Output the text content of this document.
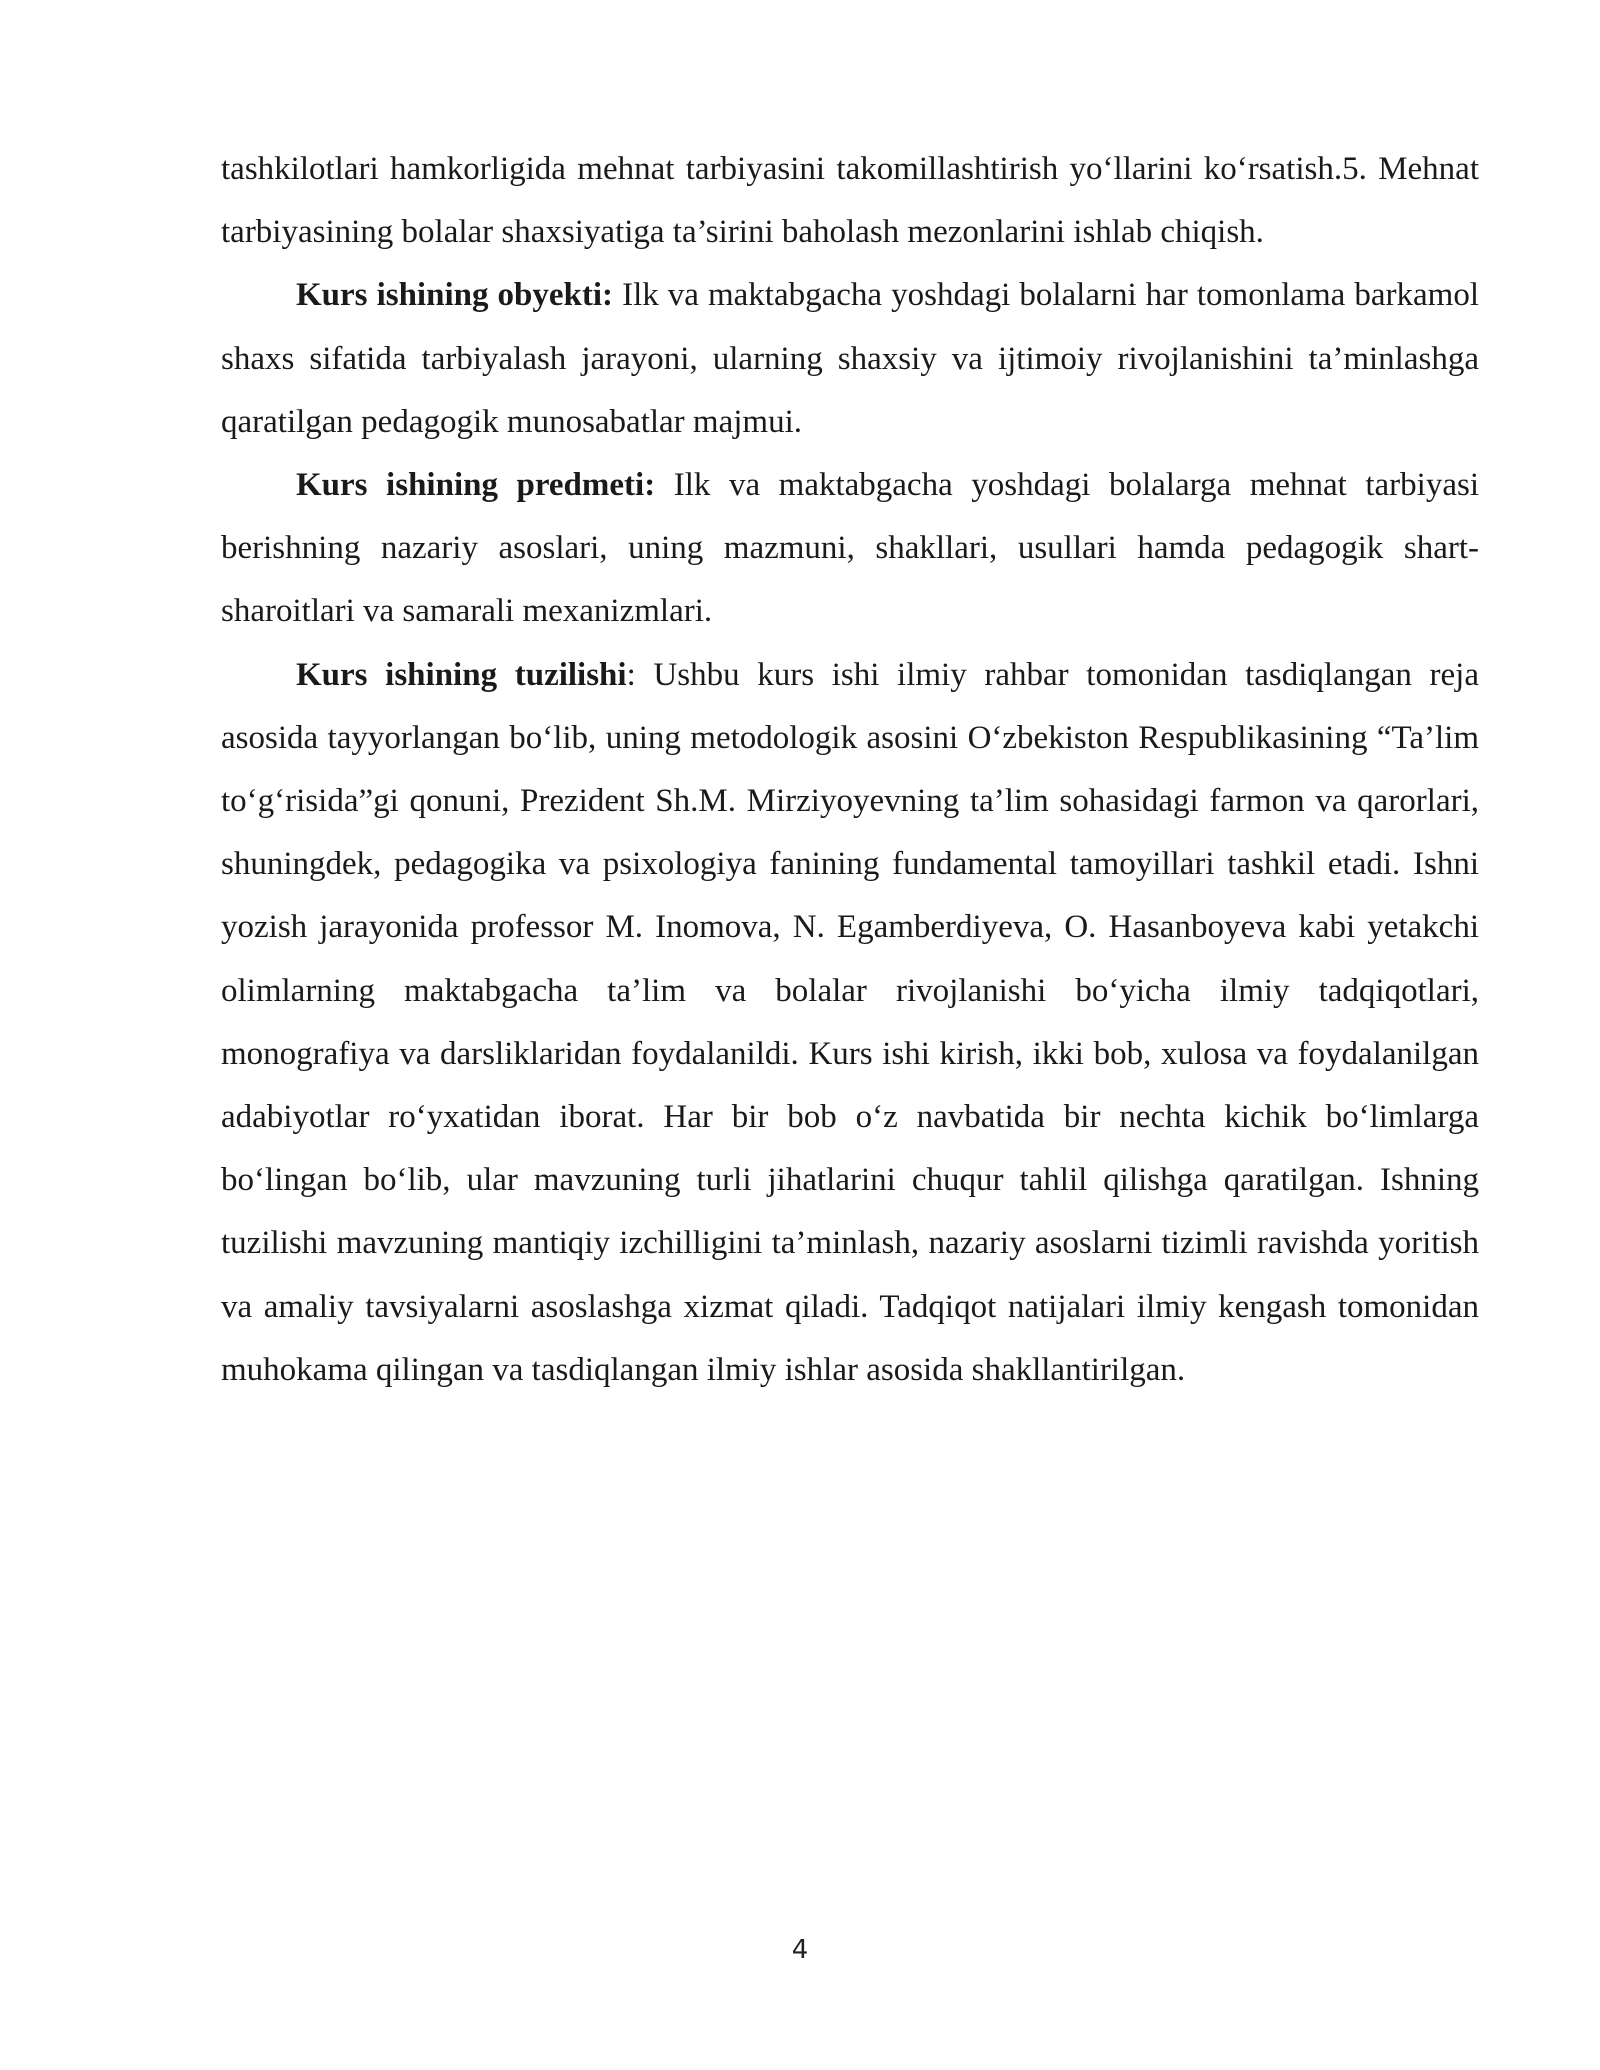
tashkilotlari hamkorligida mehnat tarbiyasini takomillashtirish yo‘llarini ko‘rsatish.5. Mehnat tarbiyasining bolalar shaxsiyatiga ta’sirini baholash mezonlarini ishlab chiqish.

Kurs ishining obyekti: Ilk va maktabgacha yoshdagi bolalarni har tomonlama barkamol shaxs sifatida tarbiyalash jarayoni, ularning shaxsiy va ijtimoiy rivojlanishini ta’minlashga qaratilgan pedagogik munosabatlar majmui.

Kurs ishining predmeti: Ilk va maktabgacha yoshdagi bolalarga mehnat tarbiyasi berishning nazariy asoslari, uning mazmuni, shakllari, usullari hamda pedagogik shart-sharoitlari va samarali mexanizmlari.

Kurs ishining tuzilishi: Ushbu kurs ishi ilmiy rahbar tomonidan tasdiqlangan reja asosida tayyorlangan bo‘lib, uning metodologik asosini O‘zbekiston Respublikasining “Ta’lim to‘g‘risida”gi qonuni, Prezident Sh.M. Mirziyoyevning ta’lim sohasidagi farmon va qarorlari, shuningdek, pedagogika va psixologiya fanining fundamental tamoyillari tashkil etadi. Ishni yozish jarayonida professor M. Inomova, N. Egamberdiyeva, O. Hasanboyeva kabi yetakchi olimlarning maktabgacha ta’lim va bolalar rivojlanishi bo‘yicha ilmiy tadqiqotlari, monografiya va darsliklaridan foydalanildi. Kurs ishi kirish, ikki bob, xulosa va foydalanilgan adabiyotlar ro‘yxatidan iborat. Har bir bob o‘z navbatida bir nechta kichik bo‘limlarga bo‘lingan bo‘lib, ular mavzuning turli jihatlarini chuqur tahlil qilishga qaratilgan. Ishning tuzilishi mavzuning mantiqiy izchilligini ta’minlash, nazariy asoslarni tizimli ravishda yoritish va amaliy tavsiyalarni asoslashga xizmat qiladi. Tadqiqot natijalari ilmiy kengash tomonidan muhokama qilingan va tasdiqlangan ilmiy ishlar asosida shakllantirilgan.

4
